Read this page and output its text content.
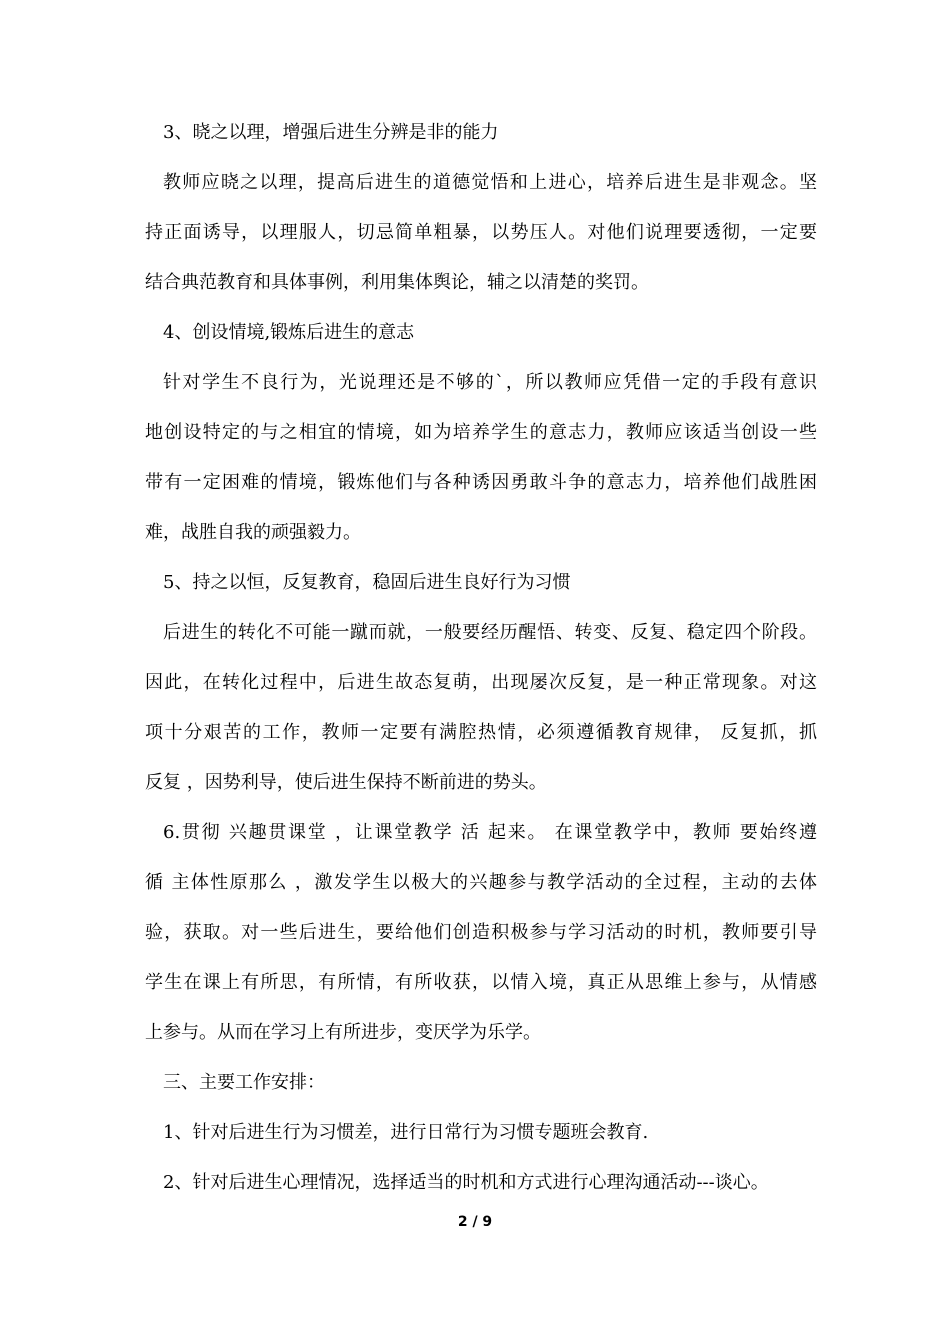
3、晓之以理，增强后进生分辨是非的能力
教师应晓之以理，提高后进生的道德觉悟和上进心，培养后进生是非观念。坚
持正面诱导，以理服人，切忌简单粗暴，以势压人。对他们说理要透彻，一定要
结合典范教育和具体事例，利用集体舆论，辅之以清楚的奖罚。
4、创设情境,锻炼后进生的意志
针对学生不良行为，光说理还是不够的`，所以教师应凭借一定的手段有意识
地创设特定的与之相宜的情境，如为培养学生的意志力，教师应该适当创设一些
带有一定困难的情境，锻炼他们与各种诱因勇敢斗争的意志力，培养他们战胜困
难，战胜自我的顽强毅力。
5、持之以恒，反复教育，稳固后进生良好行为习惯
后进生的转化不可能一蹴而就，一般要经历醒悟、转变、反复、稳定四个阶段。
因此，在转化过程中，后进生故态复萌，出现屡次反复，是一种正常现象。对这
项十分艰苦的工作，教师一定要有满腔热情，必须遵循教育规律， 反复抓，抓
反复 ，因势利导，使后进生保持不断前进的势头。
6.贯彻 兴趣贯课堂 ，让课堂教学 活 起来。 在课堂教学中，教师 要始终遵
循 主体性原那么 ，激发学生以极大的兴趣参与教学活动的全过程，主动的去体
验，获取。对一些后进生，要给他们创造积极参与学习活动的时机，教师要引导
学生在课上有所思，有所情，有所收获，以情入境，真正从思维上参与，从情感
上参与。从而在学习上有所进步，变厌学为乐学。
三、主要工作安排：
1、针对后进生行为习惯差，进行日常行为习惯专题班会教育.
2、针对后进生心理情况，选择适当的时机和方式进行心理沟通活动---谈心。
2 / 9
